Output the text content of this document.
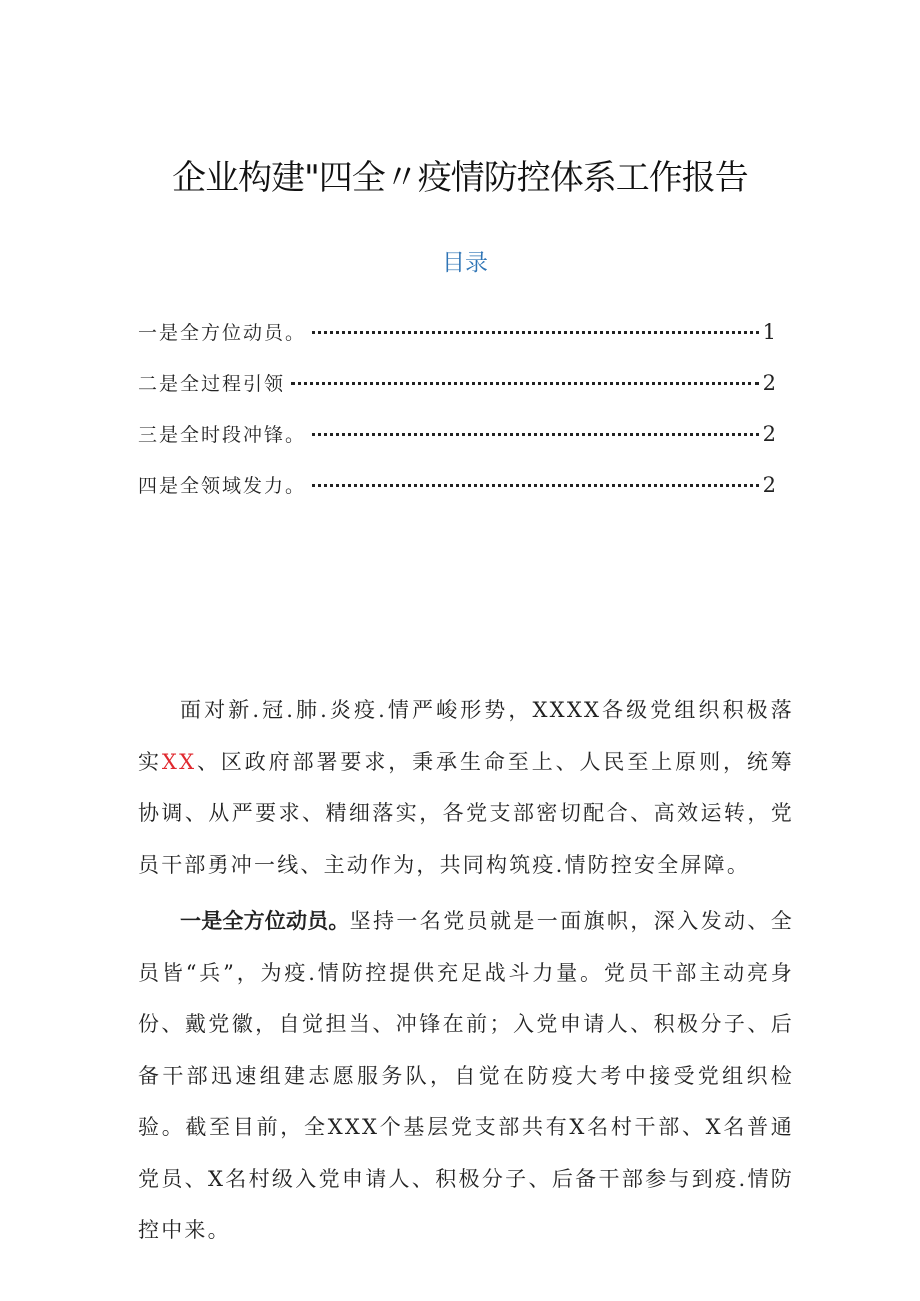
企业构建"四全〃疫情防控体系工作报告
目录
一是全方位动员。	1
二是全过程引领	2
三是全时段冲锋。	2
四是全领域发力。	2

面对新.冠.肺.炎疫.情严峻形势，XXXX各级党组织积极落实XX、区政府部署要求，秉承生命至上、人民至上原则，统筹协调、从严要求、精细落实，各党支部密切配合、高效运转，党员干部勇冲一线、主动作为，共同构筑疫.情防控安全屏障。

一是全方位动员。坚持一名党员就是一面旗帜，深入发动、全员皆“兵”，为疫.情防控提供充足战斗力量。党员干部主动亮身份、戴党徽，自觉担当、冲锋在前；入党申请人、积极分子、后备干部迅速组建志愿服务队，自觉在防疫大考中接受党组织检验。截至目前，全XXX个基层党支部共有X名村干部、X名普通党员、X名村级入党申请人、积极分子、后备干部参与到疫.情防控中来。
